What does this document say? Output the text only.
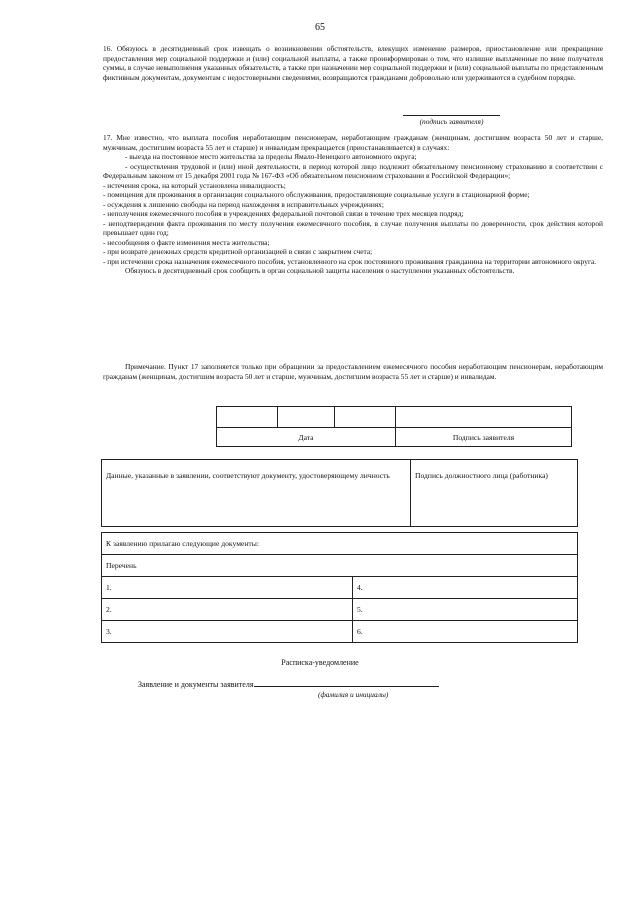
65
16. Обязуюсь в десятидневный срок извещать о возникновении обстоятельств, влекущих изменение размеров, приостановление или прекращение предоставления мер социальной поддержки и (или) социальной выплаты, а также проинформирован о том, что излишне выплаченные по вине получателя суммы, в случае невыполнения указанных обязательств, а также при назначении мер социальной поддержки и (или) социальной выплаты по представленным фиктивным документам, документам с недостоверными сведениями, возвращаются гражданами добровольно или удерживаются в судебном порядке.
(подпись заявителя)

17. Мне известно, что выплата пособия неработающим пенсионерам, неработающим гражданам (женщинам, достигшим возраста 50 лет и старше, мужчинам, достигшим возраста 55 лет и старше) и инвалидам прекращается (приостанавливается) в случаях:

- выезда на постоянное место жительства за пределы Ямало-Ненецкого автономного округа;

- осуществления трудовой и (или) иной деятельности, в период которой лицо подлежит обязательному пенсионному страхованию в соответствии с Федеральным законом от 15 декабря 2001 года № 167-ФЗ «Об обязательном пенсионном страховании в Российской Федерации»;

- истечения срока, на который установлена инвалидность;

- помещения для проживания в организации социального обслуживания, предоставляющие социальные услуги в стационарной форме;

- осуждения к лишению свободы на период нахождения в исправительных учреждениях;

- неполучения ежемесячного пособия в учреждениях федеральной почтовой связи в течение трех месяцев подряд;

- неподтверждения факта проживания по месту получения ежемесячного пособия, в случае получения выплаты по доверенности, срок действия которой превышает один год;

- несообщения о факте изменения места жительства;

- при возврате денежных средств кредитной организацией в связи с закрытием счета;

- при истечении срока назначения ежемесячного пособия, установленного на срок постоянного проживания гражданина на территории автономного округа.

Обязуюсь в десятидневный срок сообщить в орган социальной защиты населения о наступлении указанных обстоятельств.

Примечание. Пункт 17 заполняется только при обращении за предоставлением ежемесячного пособия неработающим пенсионерам, неработающим гражданам (женщинам, достигшим возраста 50 лет и старше, мужчинам, достигшим возраста 55 лет и старше) и инвалидам.

Дата			Подпись заявителя
Данные, указанные в заявлении, соответствуют документу, удостоверяющему личность	Подпись должностного лица (работника)
К заявлению прилагаю следующие документы:	
Перечень	
1.	4.
2.	5.
3.	6.
Расписка-уведомление
Заявление и документы заявителя
(фамилия и инициалы)
